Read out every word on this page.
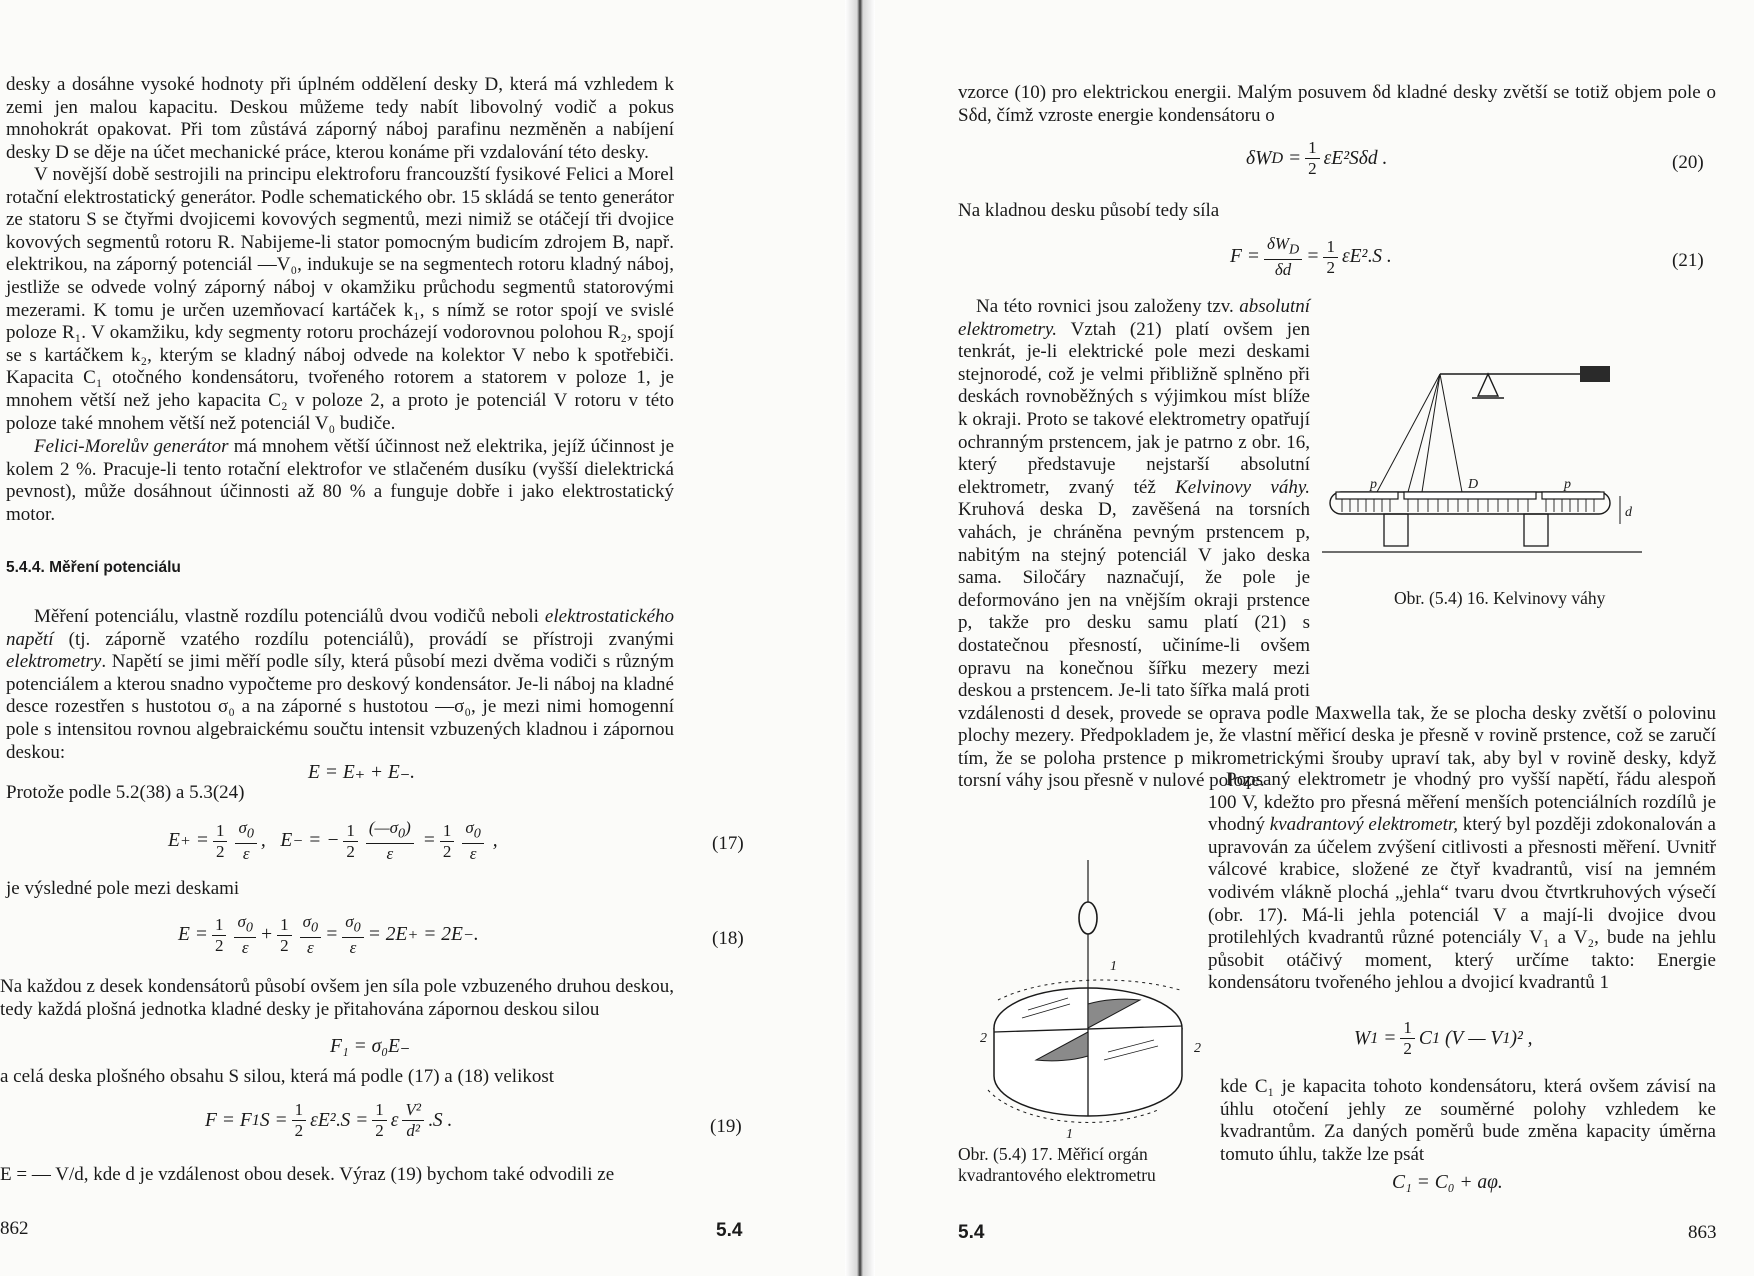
desky a dosáhne vysoké hodnoty při úplném oddělení desky D, která má vzhledem k zemi jen malou kapacitu. Deskou můžeme tedy nabít libovolný vodič a pokus mnohokrát opakovat. Při tom zůstává záporný náboj parafinu nezměněn a nabíjení desky D se děje na účet mechanické práce, kterou konáme při vzdalování této desky.

V novější době sestrojili na principu elektroforu francouzští fysikové Felici a Morel rotační elektrostatický generátor. Podle schematického obr. 15 skládá se tento generátor ze statoru S se čtyřmi dvojicemi kovových segmentů, mezi nimiž se otáčejí tři dvojice kovových segmentů rotoru R. Nabijeme-li stator pomocným budicím zdrojem B, např. elektrikou, na záporný potenciál —V₀, indukuje se na segmentech rotoru kladný náboj, jestliže se odvede volný záporný náboj v okamžiku průchodu segmentů statorovými mezerami. K tomu je určen uzemňovací kartáček k₁, s nímž se rotor spojí ve svislé poloze R₁. V okamžiku, kdy segmenty rotoru procházejí vodorovnou polohou R₂, spojí se s kartáčkem k₂, kterým se kladný náboj odvede na kolektor V nebo k spotřebiči. Kapacita C₁ otočného kondensátoru, tvořeného rotorem a statorem v poloze 1, je mnohem větší než jeho kapacita C₂ v poloze 2, a proto je potenciál V rotoru v této poloze také mnohem větší než potenciál V₀ budiče.

Felici-Morelův generátor má mnohem větší účinnost než elektrika, jejíž účinnost je kolem 2 %. Pracuje-li tento rotační elektrofor ve stlačeném dusíku (vyšší dielektrická pevnost), může dosáhnout účinnosti až 80 % a funguje dobře i jako elektrostatický motor.

5.4.4. Měření potenciálu

Měření potenciálu, vlastně rozdílu potenciálů dvou vodičů neboli elektrostatického napětí (tj. záporně vzatého rozdílu potenciálů), provádí se přístroji zvanými elektrometry. Napětí se jimi měří podle síly, která působí mezi dvěma vodiči s různým potenciálem a kterou snadno vypočteme pro deskový kondensátor. Je-li náboj na kladné desce rozestřen s hustotou σ₀ a na záporné s hustotou —σ₀, je mezi nimi homogenní pole s intensitou rovnou algebraickému součtu intensit vzbuzených kladnou i zápornou deskou:

E = E₊ + E₋.

Protože podle 5.2(38) a 5.3(24)

E + = $\frac{1}{2} \frac{\sigma_0}{\varepsilon}$ ,   E − = − $\frac{1}{2} \frac{(—\sigma_0)}{\varepsilon} = \frac{1}{2} \frac{\sigma_0}{\varepsilon}$ ,	(17)

je výsledné pole mezi deskami

$E = \frac{1}{2} \frac{\sigma_0}{\varepsilon} + \frac{1}{2} \frac{\sigma_0}{\varepsilon} = \frac{\sigma_0}{\varepsilon} = 2E$ + = 2E − .	(18)

Na každou z desek kondensátorů působí ovšem jen síla pole vzbuzeného druhou deskou, tedy každá plošná jednotka kladné desky je přitahována zápornou deskou silou

F₁ = σ₀E₋

a celá deska plošného obsahu S silou, která má podle (17) a (18) velikost

F = F 1 $S = \frac{1}{2} \varepsilon E^2$ . $S = \frac{1}{2}$ ε $\frac{\text{V²}}{\text{d²}}$ . S .	(19)

E = — V/d, kde d je vzdálenost obou desek. Výraz (19) bychom také odvodili ze

862	5.4

vzorce (10) pro elektrickou energii. Malým posuvem δd kladné desky zvětší se totiž objem pole o Sδd, čímž vzroste energie kondensátoru o

δW $D = \frac{1}{2} \varepsilon E^2S\delta d$ .	(20)

Na kladnou desku působí tedy síla

$F = \frac{\delta W_D}{\delta d} = \frac{1}{2} \varepsilon E^2$ . S .	(21)
Na této rovnici jsou založeny tzv. absolutní elektrometry. Vztah (21) platí ovšem jen tenkrát, je-li elektrické pole mezi deskami stejnorodé, což je velmi přibližně splněno při deskách rovnoběžných s výjimkou míst blíže k okraji. Proto se takové elektrometry opatřují ochranným prstencem, jak je patrno z obr. 16, který představuje nejstarší absolutní elektrometr, zvaný též Kelvinovy váhy. Kruhová deska D, zavěšená na torsních vahách, je chráněna pevným prstencem p, nabitým na stejný potenciál V jako deska sama. Siločáry naznačují, že pole je deformováno jen na vnějším okraji prstence p, takže pro desku samu platí (21) s dostatečnou přesností, učiníme-li ovšem opravu na konečnou šířku mezery mezi deskou a prstencem. Je-li tato šířka malá proti vzdálenosti d desek, provede se oprava podle Maxwella tak, že se plocha desky zvětší o polovinu plochy mezery. Předpokladem je, že vlastní měřicí deska je přesně v rovině prstence, což se zaručí tím, že se poloha prstence p mikrometrickými šrouby upraví tak, aby byl v rovině desky, když torsní váhy jsou přesně v nulové poloze.
p	D	p
d
Obr. (5.4) 16. Kelvinovy váhy
Popsaný elektrometr je vhodný pro vyšší napětí, řádu alespoň 100 V, kdežto pro přesná měření menších potenciálních rozdílů je vhodný kvadrantový elektrometr, který byl později zdokonalován a upravován za účelem zvýšení citlivosti a přesnosti měření. Uvnitř válcové krabice, složené ze čtyř kvadrantů, visí na jemném vodivém vlákně plochá „jehla“ tvaru dvou čtvrtkruhových výsečí (obr. 17). Má-li jehla potenciál V a mají-li dvojice dvou protilehlých kvadrantů různé potenciály V₁ a V₂, bude na jehlu působit otáčivý moment, který určíme takto: Energie kondensátoru tvořeného jehlou a dvojicí kvadrantů 1
W $1 = \frac{1}{2}$ C 1 (V — V 1 )² ,

kde C₁ je kapacita tohoto kondensátoru, která ovšem závisí na úhlu otočení jehly ze souměrné polohy vzhledem ke kvadrantům. Za daných poměrů bude změna kapacity úměrna tomuto úhlu, takže lze psát

C₁ = C₀ + aφ.
1
2
2
1
Obr. (5.4) 17. Měřicí orgán
kvadrantového elektrometru
5.4	863
